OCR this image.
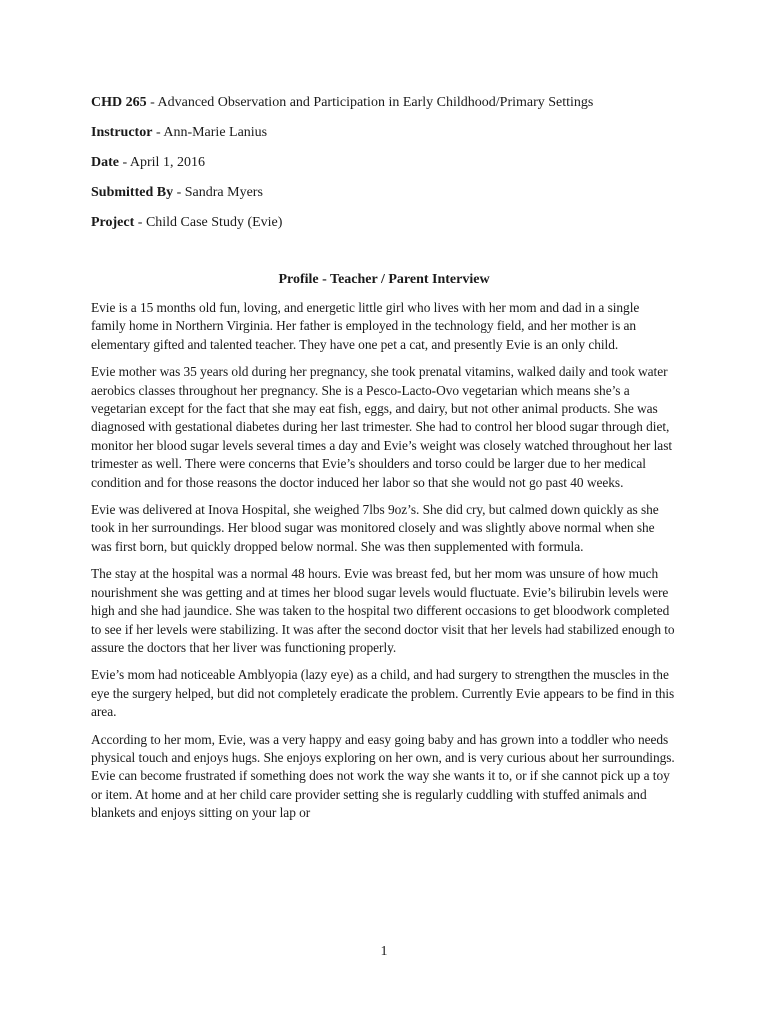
CHD 265 - Advanced Observation and Participation in Early Childhood/Primary Settings

Instructor - Ann-Marie Lanius

Date - April 1, 2016

Submitted By - Sandra Myers

Project - Child Case Study (Evie)

Profile - Teacher / Parent Interview

Evie is a 15 months old fun, loving, and energetic little girl who lives with her mom and dad in a single family home in Northern Virginia. Her father is employed in the technology field, and her mother is an elementary gifted and talented teacher. They have one pet a cat, and presently Evie is an only child.

Evie mother was 35 years old during her pregnancy, she took prenatal vitamins, walked daily and took water aerobics classes throughout her pregnancy. She is a Pesco-Lacto-Ovo vegetarian which means she’s a vegetarian except for the fact that she may eat fish, eggs, and dairy, but not other animal products. She was diagnosed with gestational diabetes during her last trimester. She had to control her blood sugar through diet, monitor her blood sugar levels several times a day and Evie’s weight was closely watched throughout her last trimester as well. There were concerns that Evie’s shoulders and torso could be larger due to her medical condition and for those reasons the doctor induced her labor so that she would not go past 40 weeks.

Evie was delivered at Inova Hospital, she weighed 7lbs 9oz’s. She did cry, but calmed down quickly as she took in her surroundings. Her blood sugar was monitored closely and was slightly above normal when she was first born, but quickly dropped below normal. She was then supplemented with formula.

The stay at the hospital was a normal 48 hours. Evie was breast fed, but her mom was unsure of how much nourishment she was getting and at times her blood sugar levels would fluctuate. Evie’s bilirubin levels were high and she had jaundice. She was taken to the hospital two different occasions to get bloodwork completed to see if her levels were stabilizing. It was after the second doctor visit that her levels had stabilized enough to assure the doctors that her liver was functioning properly.

Evie’s mom had noticeable Amblyopia (lazy eye) as a child, and had surgery to strengthen the muscles in the eye the surgery helped, but did not completely eradicate the problem. Currently Evie appears to be find in this area.

According to her mom, Evie, was a very happy and easy going baby and has grown into a toddler who needs physical touch and enjoys hugs. She enjoys exploring on her own, and is very curious about her surroundings. Evie can become frustrated if something does not work the way she wants it to, or if she cannot pick up a toy or item. At home and at her child care provider setting she is regularly cuddling with stuffed animals and blankets and enjoys sitting on your lap or

1
